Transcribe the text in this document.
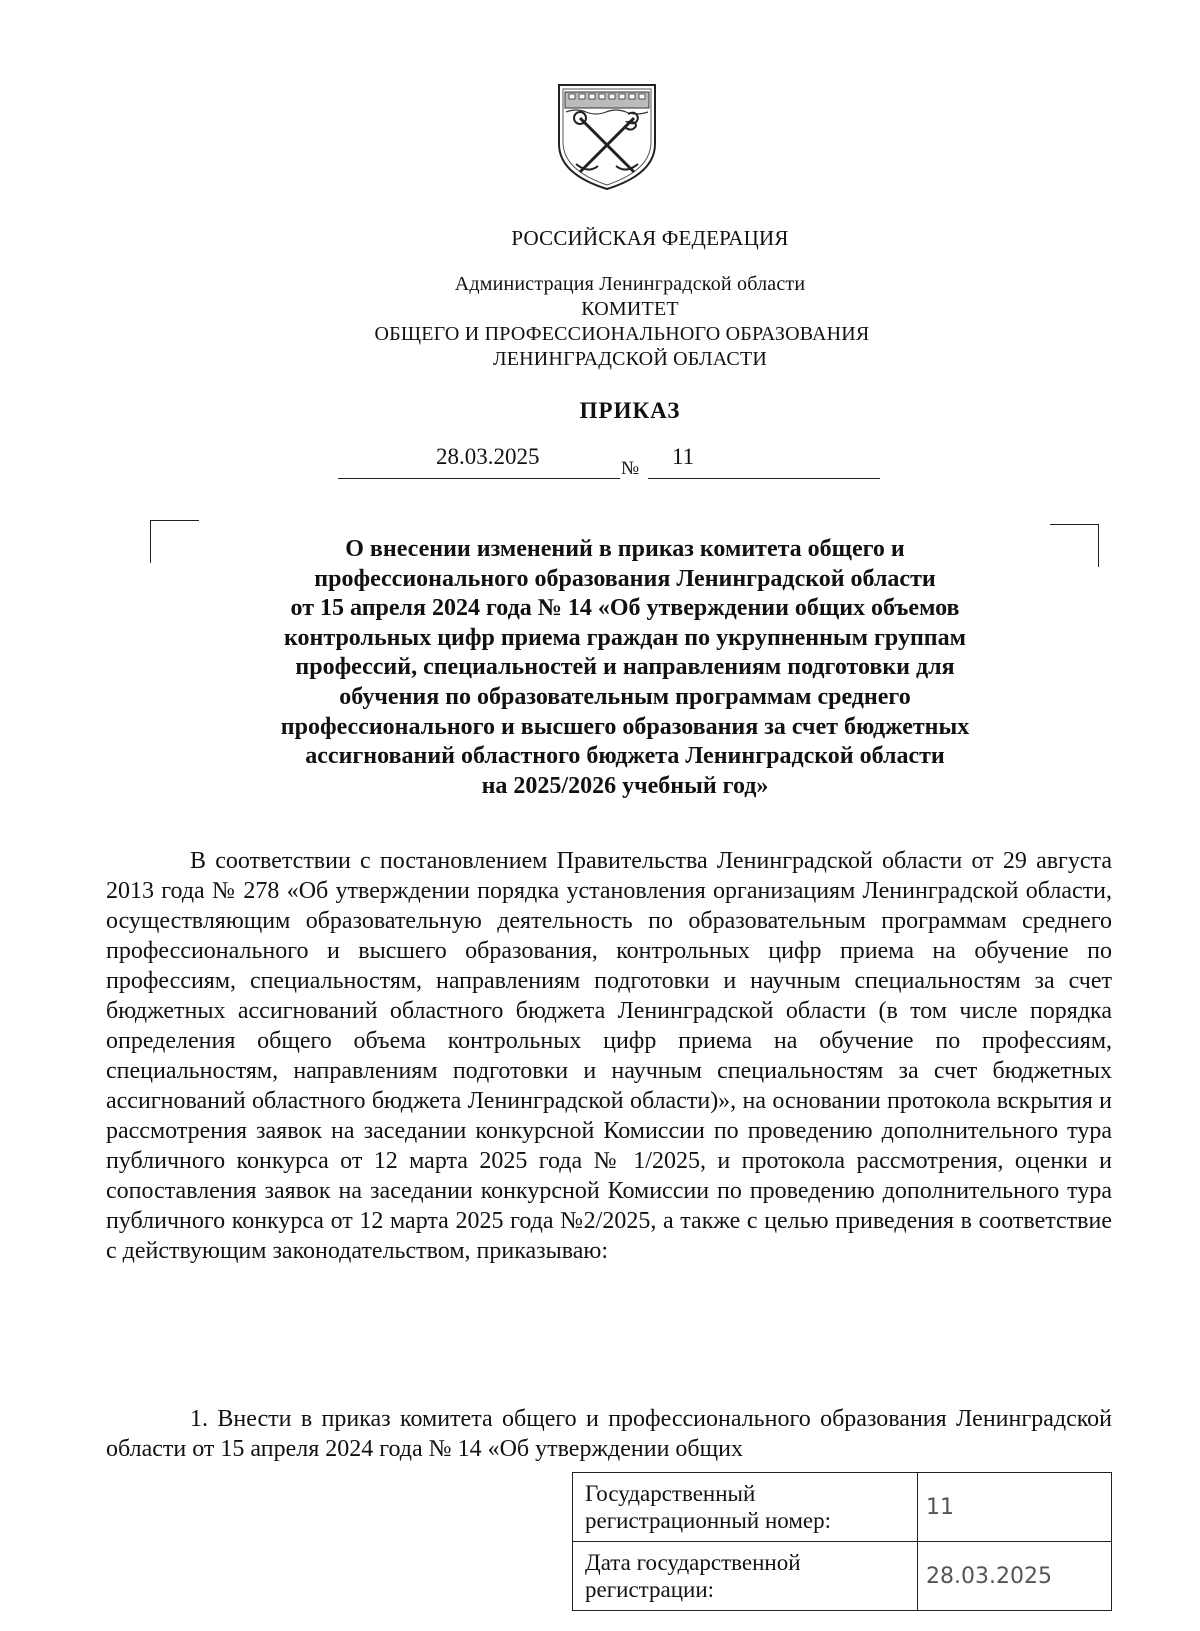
РОССИЙСКАЯ ФЕДЕРАЦИЯ
Администрация Ленинградской области
КОМИТЕТ
ОБЩЕГО И ПРОФЕССИОНАЛЬНОГО ОБРАЗОВАНИЯ
ЛЕНИНГРАДСКОЙ ОБЛАСТИ
ПРИКАЗ
28.03.2025	№ 11
О внесении изменений в приказ комитета общего и
профессионального образования Ленинградской области
от 15 апреля 2024 года № 14 «Об утверждении общих объемов
контрольных цифр приема граждан по укрупненным группам
профессий, специальностей и направлениям подготовки для
обучения по образовательным программам среднего
профессионального и высшего образования за счет бюджетных
ассигнований областного бюджета Ленинградской области
на 2025/2026 учебный год»

В соответствии с постановлением Правительства Ленинградской области от 29 августа 2013 года № 278 «Об утверждении порядка установления организациям Ленинградской области, осуществляющим образовательную деятельность по образовательным программам среднего профессионального и высшего образования, контрольных цифр приема на обучение по профессиям, специальностям, направлениям подготовки и научным специальностям за счет бюджетных ассигнований областного бюджета Ленинградской области (в том числе порядка определения общего объема контрольных цифр приема на обучение по профессиям, специальностям, направлениям подготовки и научным специальностям за счет бюджетных ассигнований областного бюджета Ленинградской области)», на основании протокола вскрытия и рассмотрения заявок на заседании конкурсной Комиссии по проведению дополнительного тура публичного конкурса от 12 марта 2025 года № 1/2025, и протокола рассмотрения, оценки и сопоставления заявок на заседании конкурсной Комиссии по проведению дополнительного тура публичного конкурса от 12 марта 2025 года №2/2025, а также с целью приведения в соответствие с действующим законодательством, приказываю:

1. Внести в приказ комитета общего и профессионального образования Ленинградской области от 15 апреля 2024 года № 14 «Об утверждении общих

Государственный регистрационный номер:	11
Дата государственной регистрации:	28.03.2025
